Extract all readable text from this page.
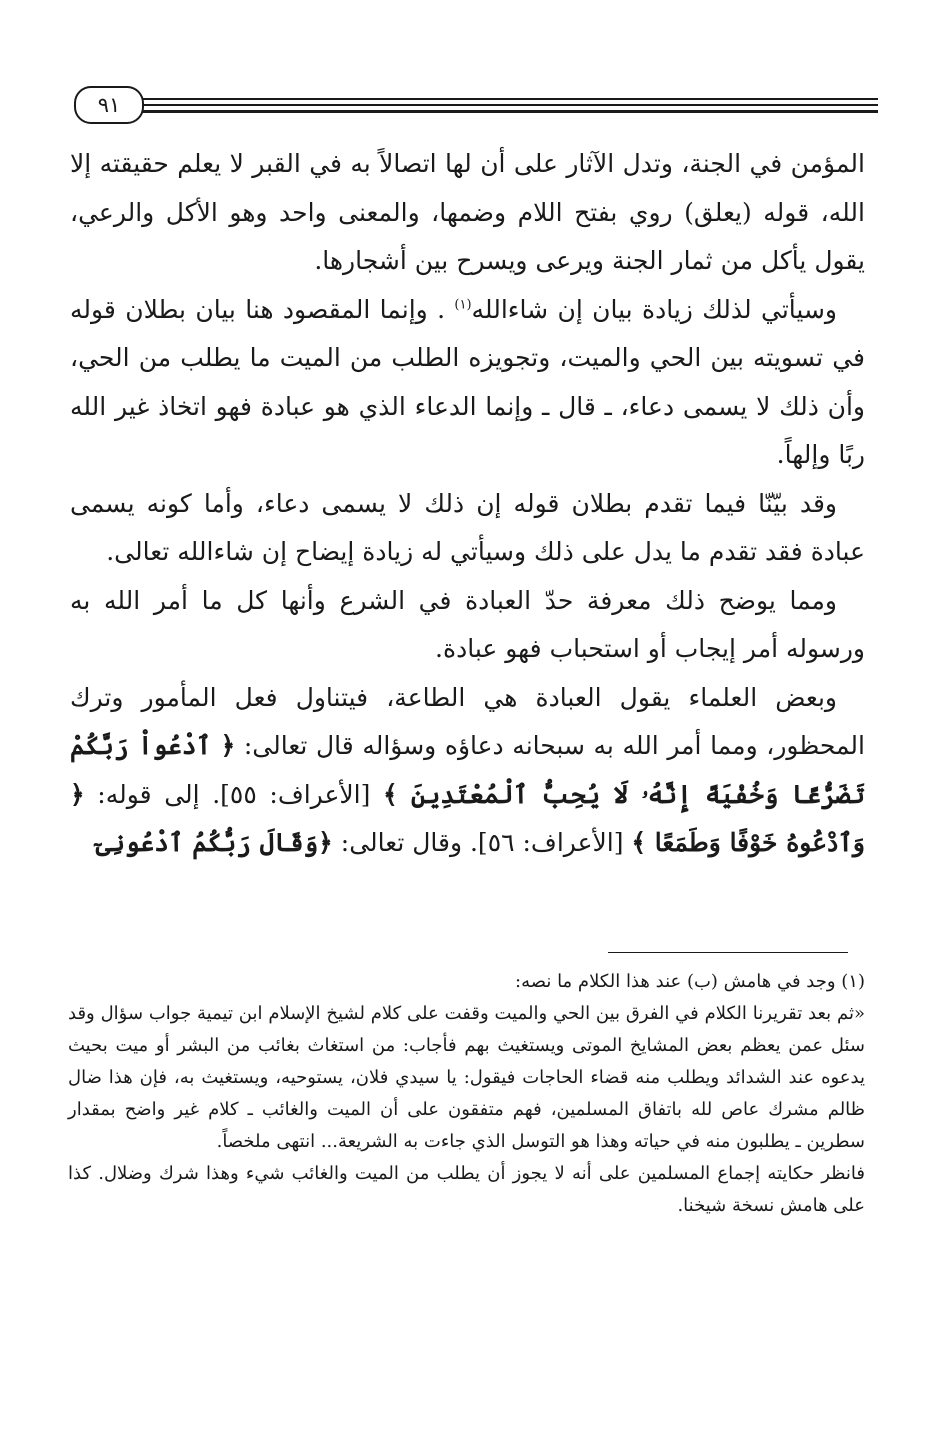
٩١

المؤمن في الجنة، وتدل الآثار على أن لها اتصالاً به في القبر لا يعلم حقيقته إلا الله، قوله (يعلق) روي بفتح اللام وضمها، والمعنى واحد وهو الأكل والرعي، يقول يأكل من ثمار الجنة ويرعى ويسرح بين أشجارها.

وسيأتي لذلك زيادة بيان إن شاءالله$^{(١)}$ . وإنما المقصود هنا بيان بطلان قوله في تسويته بين الحي والميت، وتجويزه الطلب من الميت ما يطلب من الحي، وأن ذلك لا يسمى دعاء، ـ قال ـ وإنما الدعاء الذي هو عبادة فهو اتخاذ غير الله ربًا وإلهاً.

وقد بيّنّا فيما تقدم بطلان قوله إن ذلك لا يسمى دعاء، وأما كونه يسمى عبادة فقد تقدم ما يدل على ذلك وسيأتي له زيادة إيضاح إن شاءالله تعالى.

ومما يوضح ذلك معرفة حدّ العبادة في الشرع وأنها كل ما أمر الله به ورسوله أمر إيجاب أو استحباب فهو عبادة.

وبعض العلماء يقول العبادة هي الطاعة، فيتناول فعل المأمور وترك المحظور، ومما أمر الله به سبحانه دعاؤه وسؤاله قال تعالى: ﴿ ٱدْعُواْ رَبَّكُمْ تَضَرُّعًا وَخُفْيَةً إِنَّهُۥ لَا يُحِبُّ ٱلْمُعْتَدِينَ ﴾ [الأعراف: ٥٥]. إلى قوله: ﴿ وَٱدْعُوهُ خَوْفًا وَطَمَعًا ﴾ [الأعراف: ٥٦]. وقال تعالى: ﴿وَقَالَ رَبُّكُمُ ٱدْعُونِىٓ

(١) وجد في هامش (ب) عند هذا الكلام ما نصه:

«ثم بعد تقريرنا الكلام في الفرق بين الحي والميت وقفت على كلام لشيخ الإسلام ابن تيمية جواب سؤال وقد سئل عمن يعظم بعض المشايخ الموتى ويستغيث بهم فأجاب: من استغاث بغائب من البشر أو ميت بحيث يدعوه عند الشدائد ويطلب منه قضاء الحاجات فيقول: يا سيدي فلان، يستوحيه، ويستغيث به، فإن هذا ضال ظالم مشرك عاص لله باتفاق المسلمين، فهم متفقون على أن الميت والغائب ـ كلام غير واضح بمقدار سطرين ـ يطلبون منه في حياته وهذا هو التوسل الذي جاءت به الشريعة... انتهى ملخصاً.

فانظر حكايته إجماع المسلمين على أنه لا يجوز أن يطلب من الميت والغائب شيء وهذا شرك وضلال. كذا على هامش نسخة شيخنا.
